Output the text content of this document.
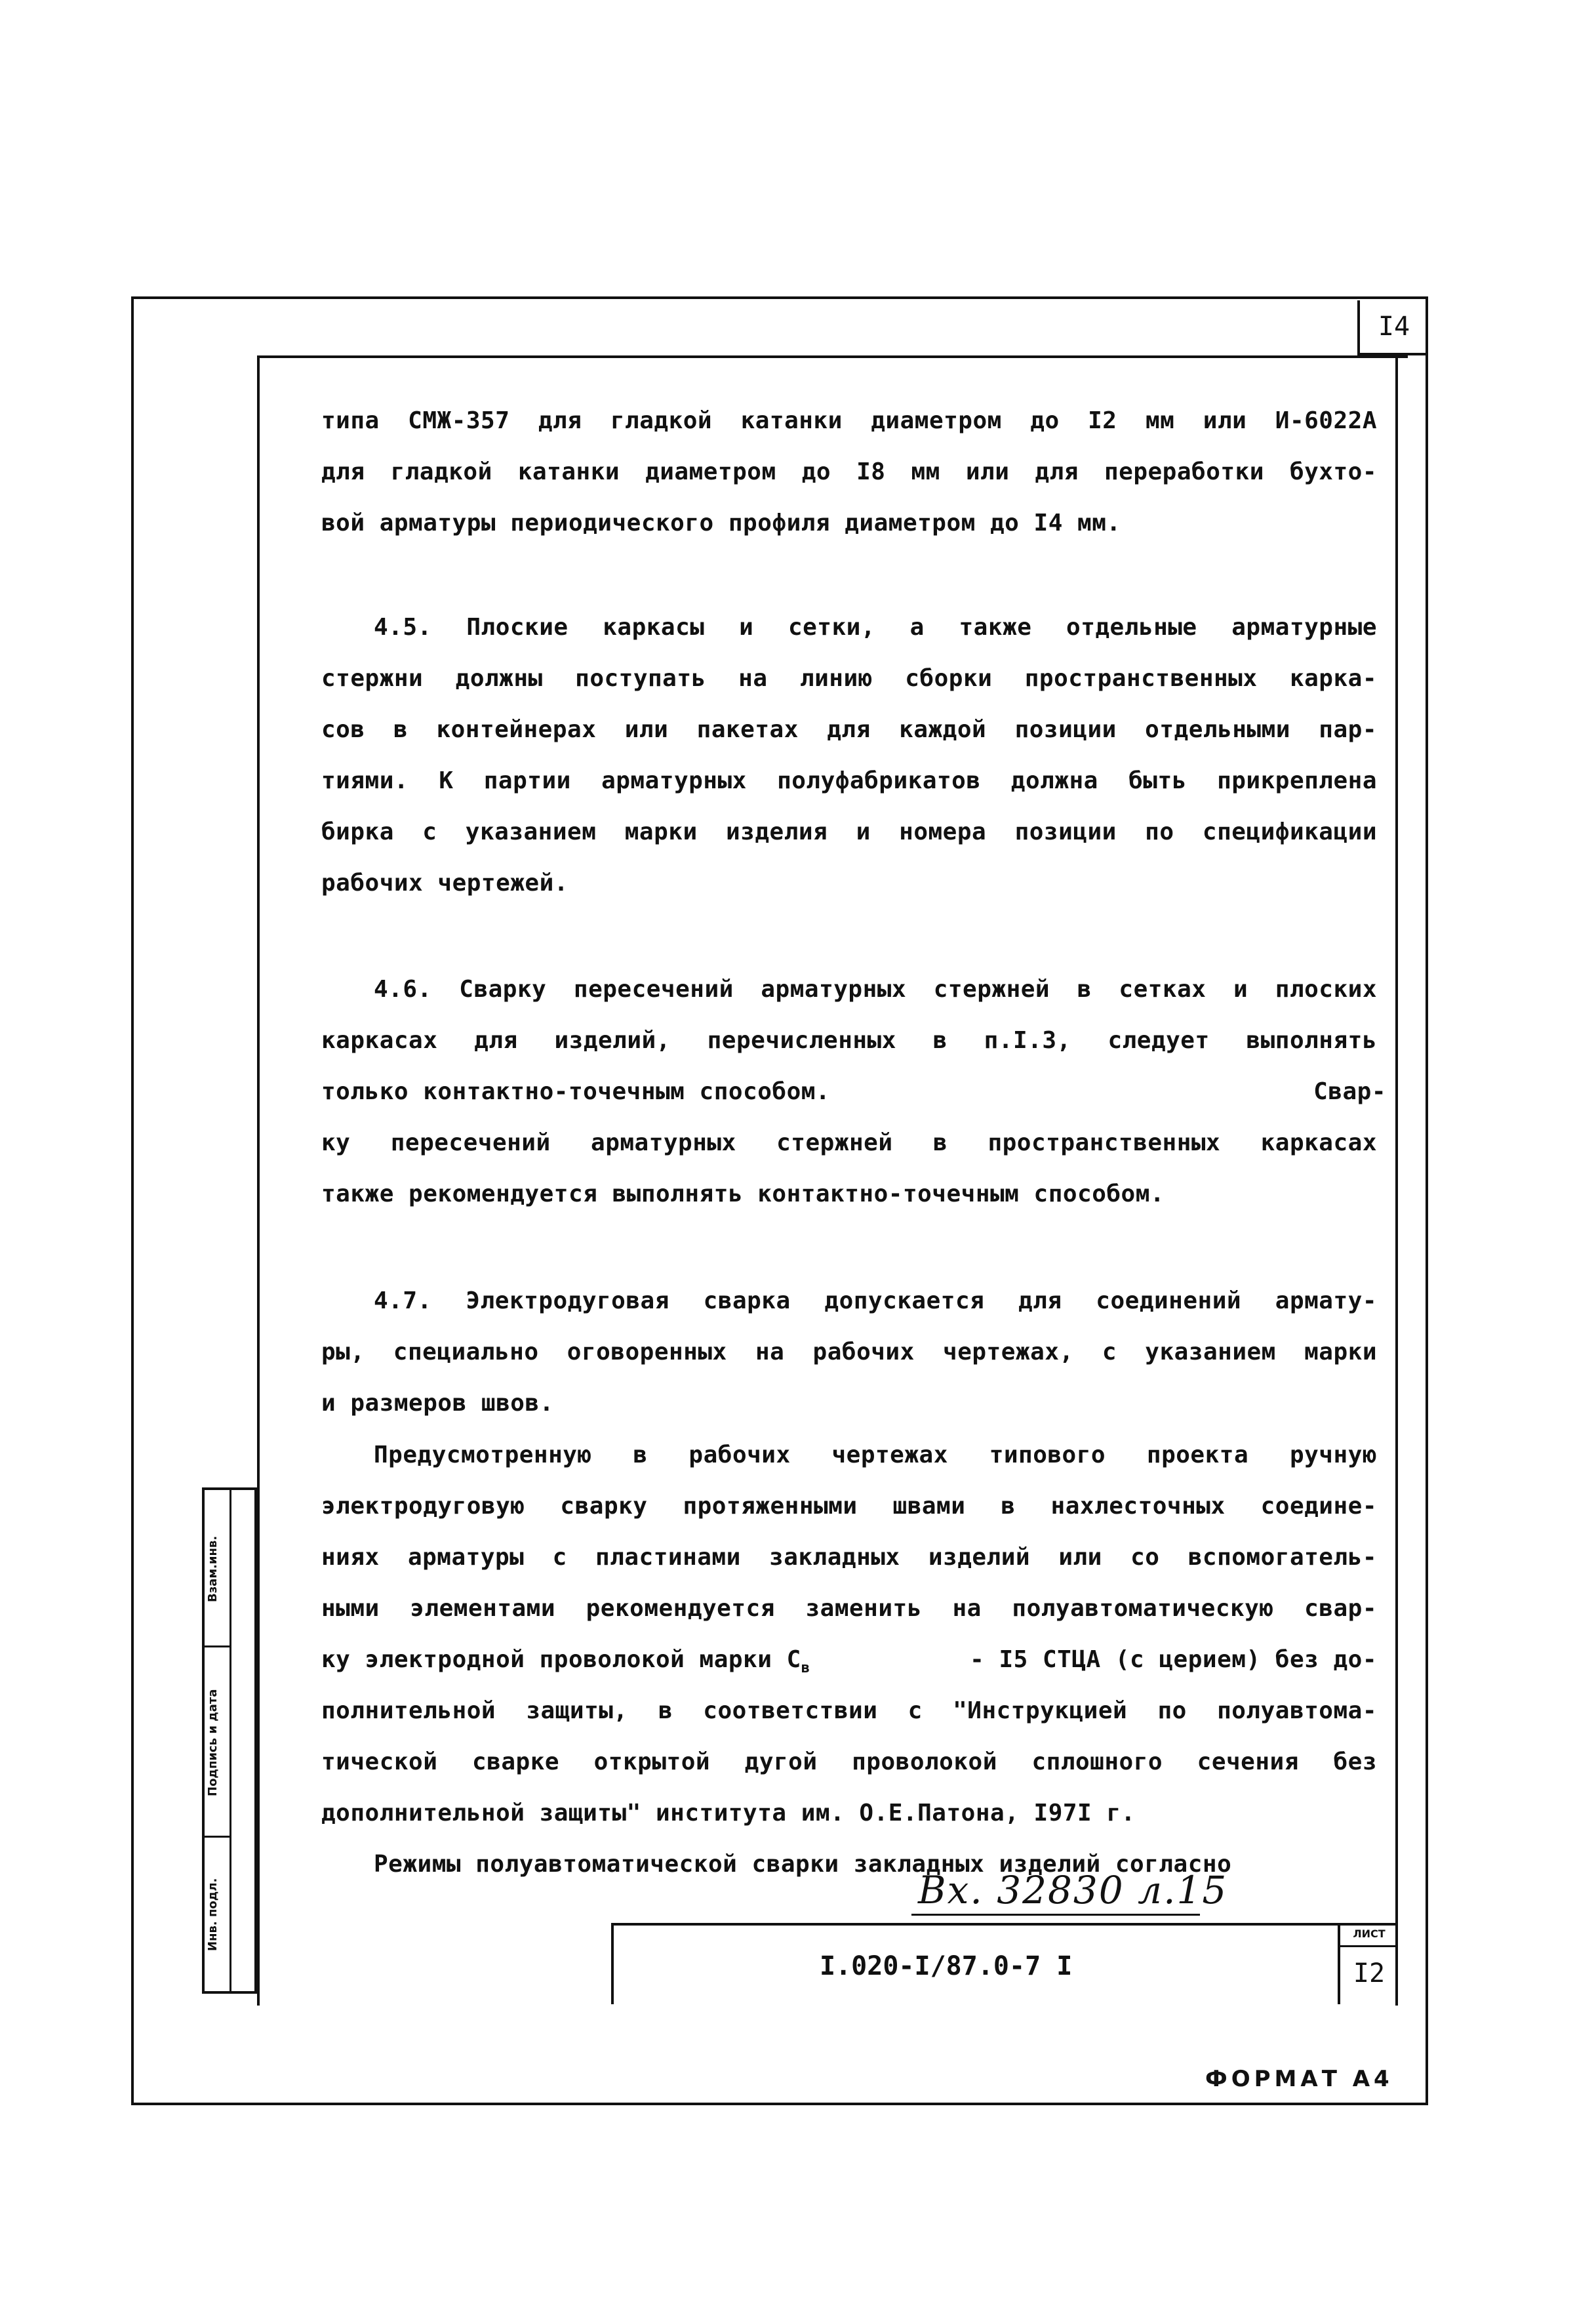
I4
типа СМЖ-357 для гладкой катанки диаметром до I2 мм или И-6022А
для гладкой катанки диаметром до I8 мм или для переработки бухто-
вой арматуры периодического профиля диаметром до I4 мм.
4.5. Плоские каркасы и сетки, а также отдельные арматурные
стержни должны поступать на линию сборки пространственных карка-
сов в контейнерах или пакетах для каждой позиции отдельными пар-
тиями. К партии арматурных полуфабрикатов должна быть прикреплена
бирка с указанием марки изделия и номера позиции по спецификации
рабочих чертежей.
4.6. Сварку пересечений арматурных стержней в сетках и плоских
каркасах для изделий, перечисленных в п.I.3, следует выполнять
только контактно-точечным способом.	Свар-
ку пересечений арматурных стержней в пространственных каркасах
также рекомендуется выполнять контактно-точечным способом.
4.7. Электродуговая сварка допускается для соединений армату-
ры, специально оговоренных на рабочих чертежах, с указанием марки
и размеров швов.
Предусмотренную в рабочих чертежах типового проекта ручную
электродуговую сварку протяженными швами в нахлесточных соедине-
ниях арматуры с пластинами закладных изделий или со вспомогатель-
ными элементами рекомендуется заменить на полуавтоматическую свар-
ку электродной проволокой марки $С_в$	- I5 СТЦА (с церием) без до-
полнительной защиты, в соответствии с "Инструкцией по полуавтома-
тической сварке открытой дугой проволокой сплошного сечения без
дополнительной защиты" института им. О.Е.Патона, I97I г.
Режимы полуавтоматической сварки закладных изделий согласно
Вх. 32830 л.15
Взам.инв.
Подпись и дата
Инв. подл.
I.020-I/87.0-7 I
ЛИСТ
I2
ФОРМАТ А4
